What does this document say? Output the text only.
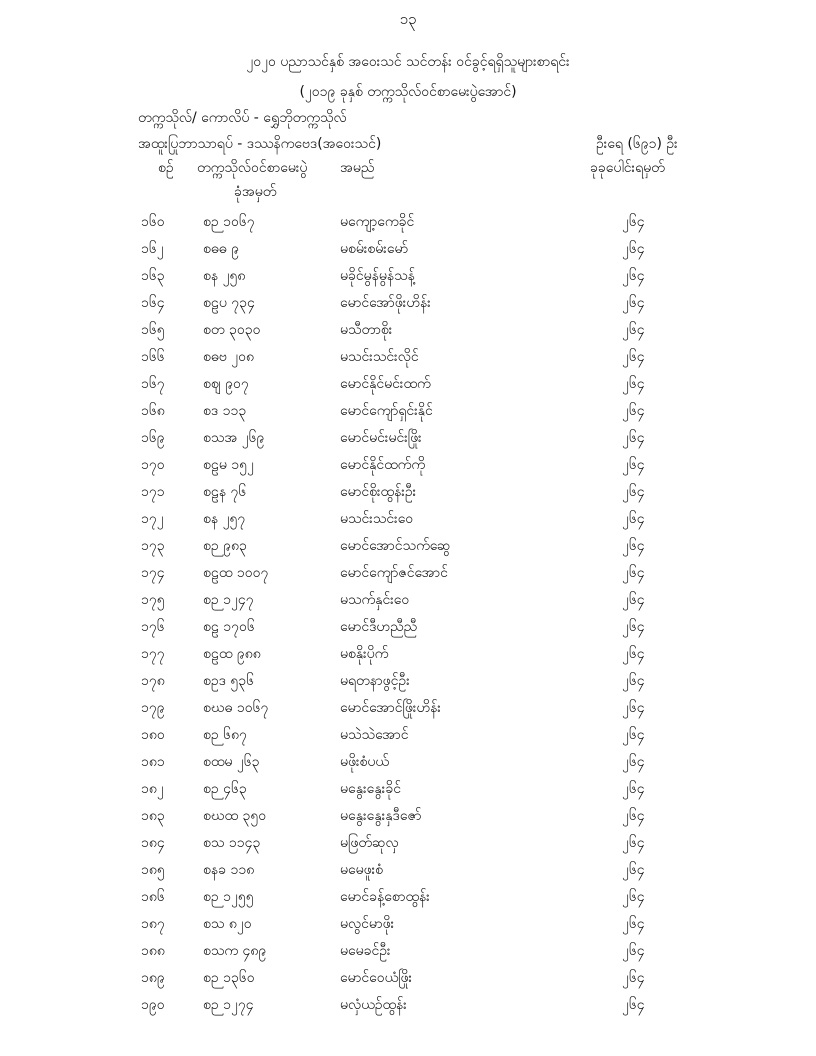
၁၃
၂၀၂၀ ပညာသင်နှစ် အဝေးသင် သင်တန်း ဝင်ခွင့်ရရှိသူများစာရင်း
(၂၀၁၉ ခုနှစ် တက္ကသိုလ်ဝင်စာမေးပွဲအောင်)
တက္ကသိုလ်/ ကောလိပ် - ရွှေဘိုတက္ကသိုလ်
အထူးပြုဘာသာရပ် - ဒဿနိကဗေဒ(အဝေးသင်)	ဦးရေ (၆၉၁) ဦး
စဉ် တက္ကသိုလ်ဝင်စာမေးပွဲ
ခုံအမှတ်
အမည်	ခုခုပေါင်းရမှတ်
၁၆၀	စဉ ၁၀၆၇	မကျော့ကေခိုင်	၂၆၄
၁၆၂	စဓဓ ၉	မစမ်းစမ်းမော်	၂၆၄
၁၆၃	စန ၂၅၈	မခိုင်မွန်မွန်သန့်	၂၆၄
၁၆၄	စဠပ ၇၃၄	မောင်အော်ဖိုးဟိန်း	၂၆၄
၁၆၅	စတ ၃၀၃၀	မသီတာစိုး	၂၆၄
၁၆၆	စဓဗ ၂၀၈	မသင်းသင်းလိုင်	၂၆၄
၁၆၇	စဈ ၉၀၇	မောင်နိုင်မင်းထက်	၂၆၄
၁၆၈	စဒ ၁၁၃	မောင်ကျော်ရှင်းနိုင်	၂၆၄
၁၆၉	စသအ ၂၆၉	မောင်မင်းမင်းဖြိုး	၂၆၄
၁၇၀	စဠမ ၁၅၂	မောင်နိုင်ထက်ကို	၂၆၄
၁၇၁	စဠန ၇၆	မောင်စိုးထွန်းဦး	၂၆၄
၁၇၂	စန ၂၅၇	မသင်းသင်းဝေ	၂၆၄
၁၇၃	စဉ ၉၈၃	မောင်အောင်သက်ဆွေ	၂၆၄
၁၇၄	စဠထ ၁၀၀၇	မောင်ကျော်ဇင်အောင်	၂၆၄
၁၇၅	စဉ ၁၂၄၇	မသက်နှင်းဝေ	၂၆၄
၁၇၆	စဠ ၁၇၀၆	မောင်ဒီဟညီညီ	၂၆၄
၁၇၇	စဠထ ၉၈၈	မစနိုးပိုက်	၂၆၄
၁၇၈	စဥဒ ၅၃၆	မရတနာဖွင့်ဦး	၂၆၄
၁၇၉	စဃဓ ၁၀၆၇	မောင်အောင်ဖြိုးဟိန်း	၂၆၄
၁၈၀	စဉ ၆၈၇	မသဲသဲအောင်	၂၆၄
၁၈၁	စထမ ၂၆၃	မဖိုးစံပယ်	၂၆၄
၁၈၂	စဉ ၄၆၃	မနွေးနွေးခိုင်	၂၆၄
၁၈၃	စဃထ ၃၅၀	မနွေးနွေးနှဒီဇော်	၂၆၄
၁၈၄	စသ ၁၁၄၃	မဖြတ်ဆုလှ	၂၆၄
၁၈၅	စနခ ၁၁၈	မမေဖူးစံ	၂၆၄
၁၈၆	စဉ ၁၂၅၅	မောင်ခန့်စောထွန်း	၂၆၄
၁၈၇	စသ ၈၂၀	မလွင်မာဖိုး	၂၆၄
၁၈၈	စသက ၄၈၉	မမေခင်ဦး	၂၆၄
၁၈၉	စဉ ၁၃၆၀	မောင်ဝေယံဖြိုး	၂၆၄
၁၉၀	စဉ ၁၂၇၄	မလှံယဉ်ထွန်း	၂၆၄
